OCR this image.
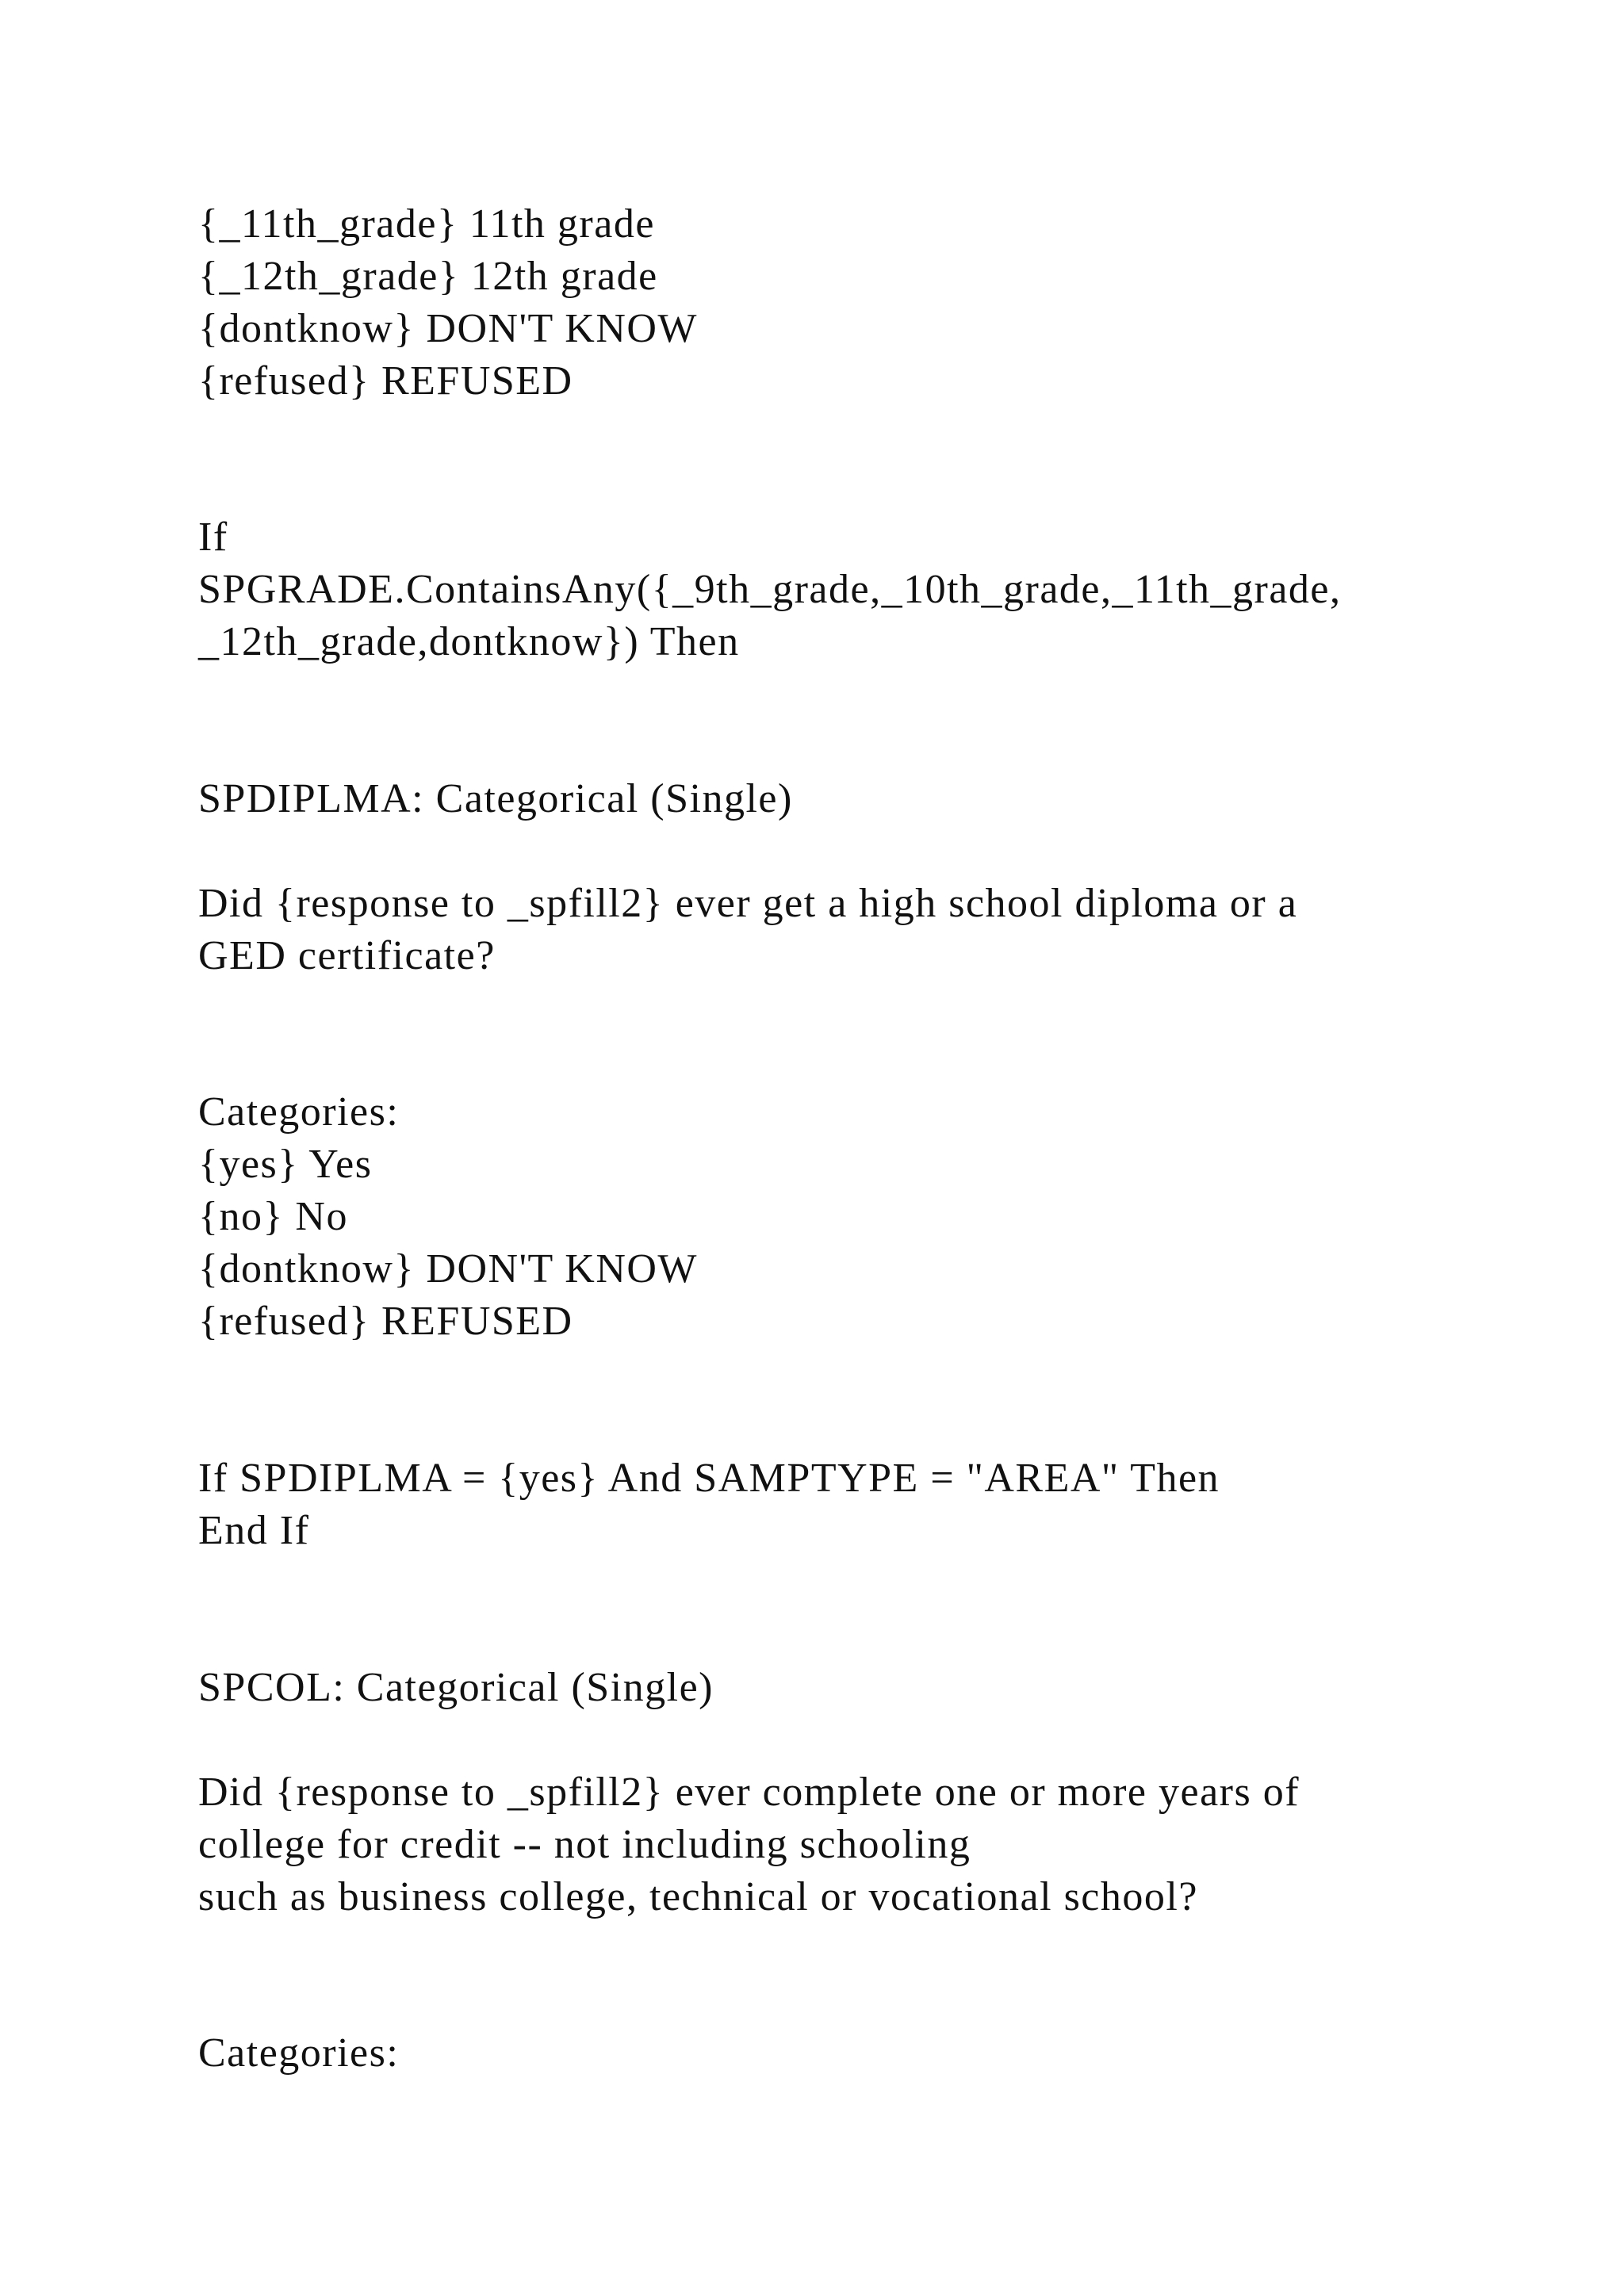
{_11th_grade} 11th grade
{_12th_grade} 12th grade
{dontknow} DON'T KNOW
{refused} REFUSED
If
SPGRADE.ContainsAny({_9th_grade,_10th_grade,_11th_grade,
_12th_grade,dontknow}) Then
SPDIPLMA: Categorical (Single)
Did {response to _spfill2} ever get a high school diploma or a
GED certificate?
Categories:
{yes} Yes
{no} No
{dontknow} DON'T KNOW
{refused} REFUSED
If SPDIPLMA = {yes} And SAMPTYPE = "AREA" Then
End If
SPCOL: Categorical (Single)
Did {response to _spfill2} ever complete one or more years of
college for credit -- not including schooling
such as business college, technical or vocational school?
Categories:
